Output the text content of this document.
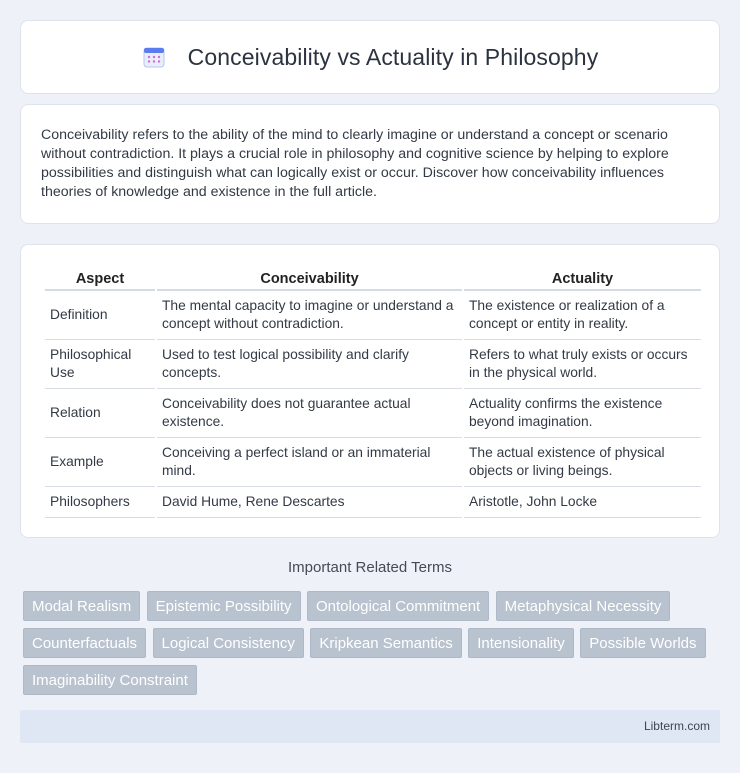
Conceivability vs Actuality in Philosophy

Conceivability refers to the ability of the mind to clearly imagine or understand a concept or scenario without contradiction. It plays a crucial role in philosophy and cognitive science by helping to explore possibilities and distinguish what can logically exist or occur. Discover how conceivability influences theories of knowledge and existence in the full article.

Aspect	Conceivability	Actuality
Definition	The mental capacity to imagine or understand a concept without contradiction.	The existence or realization of a concept or entity in reality.
Philosophical Use	Used to test logical possibility and clarify concepts.	Refers to what truly exists or occurs in the physical world.
Relation	Conceivability does not guarantee actual existence.	Actuality confirms the existence beyond imagination.
Example	Conceiving a perfect island or an immaterial mind.	The actual existence of physical objects or living beings.
Philosophers	David Hume, Rene Descartes	Aristotle, John Locke
Important Related Terms
Modal Realism Epistemic Possibility Ontological Commitment Metaphysical Necessity Counterfactuals Logical Consistency Kripkean Semantics Intensionality Possible Worlds Imaginability Constraint
Libterm.com
